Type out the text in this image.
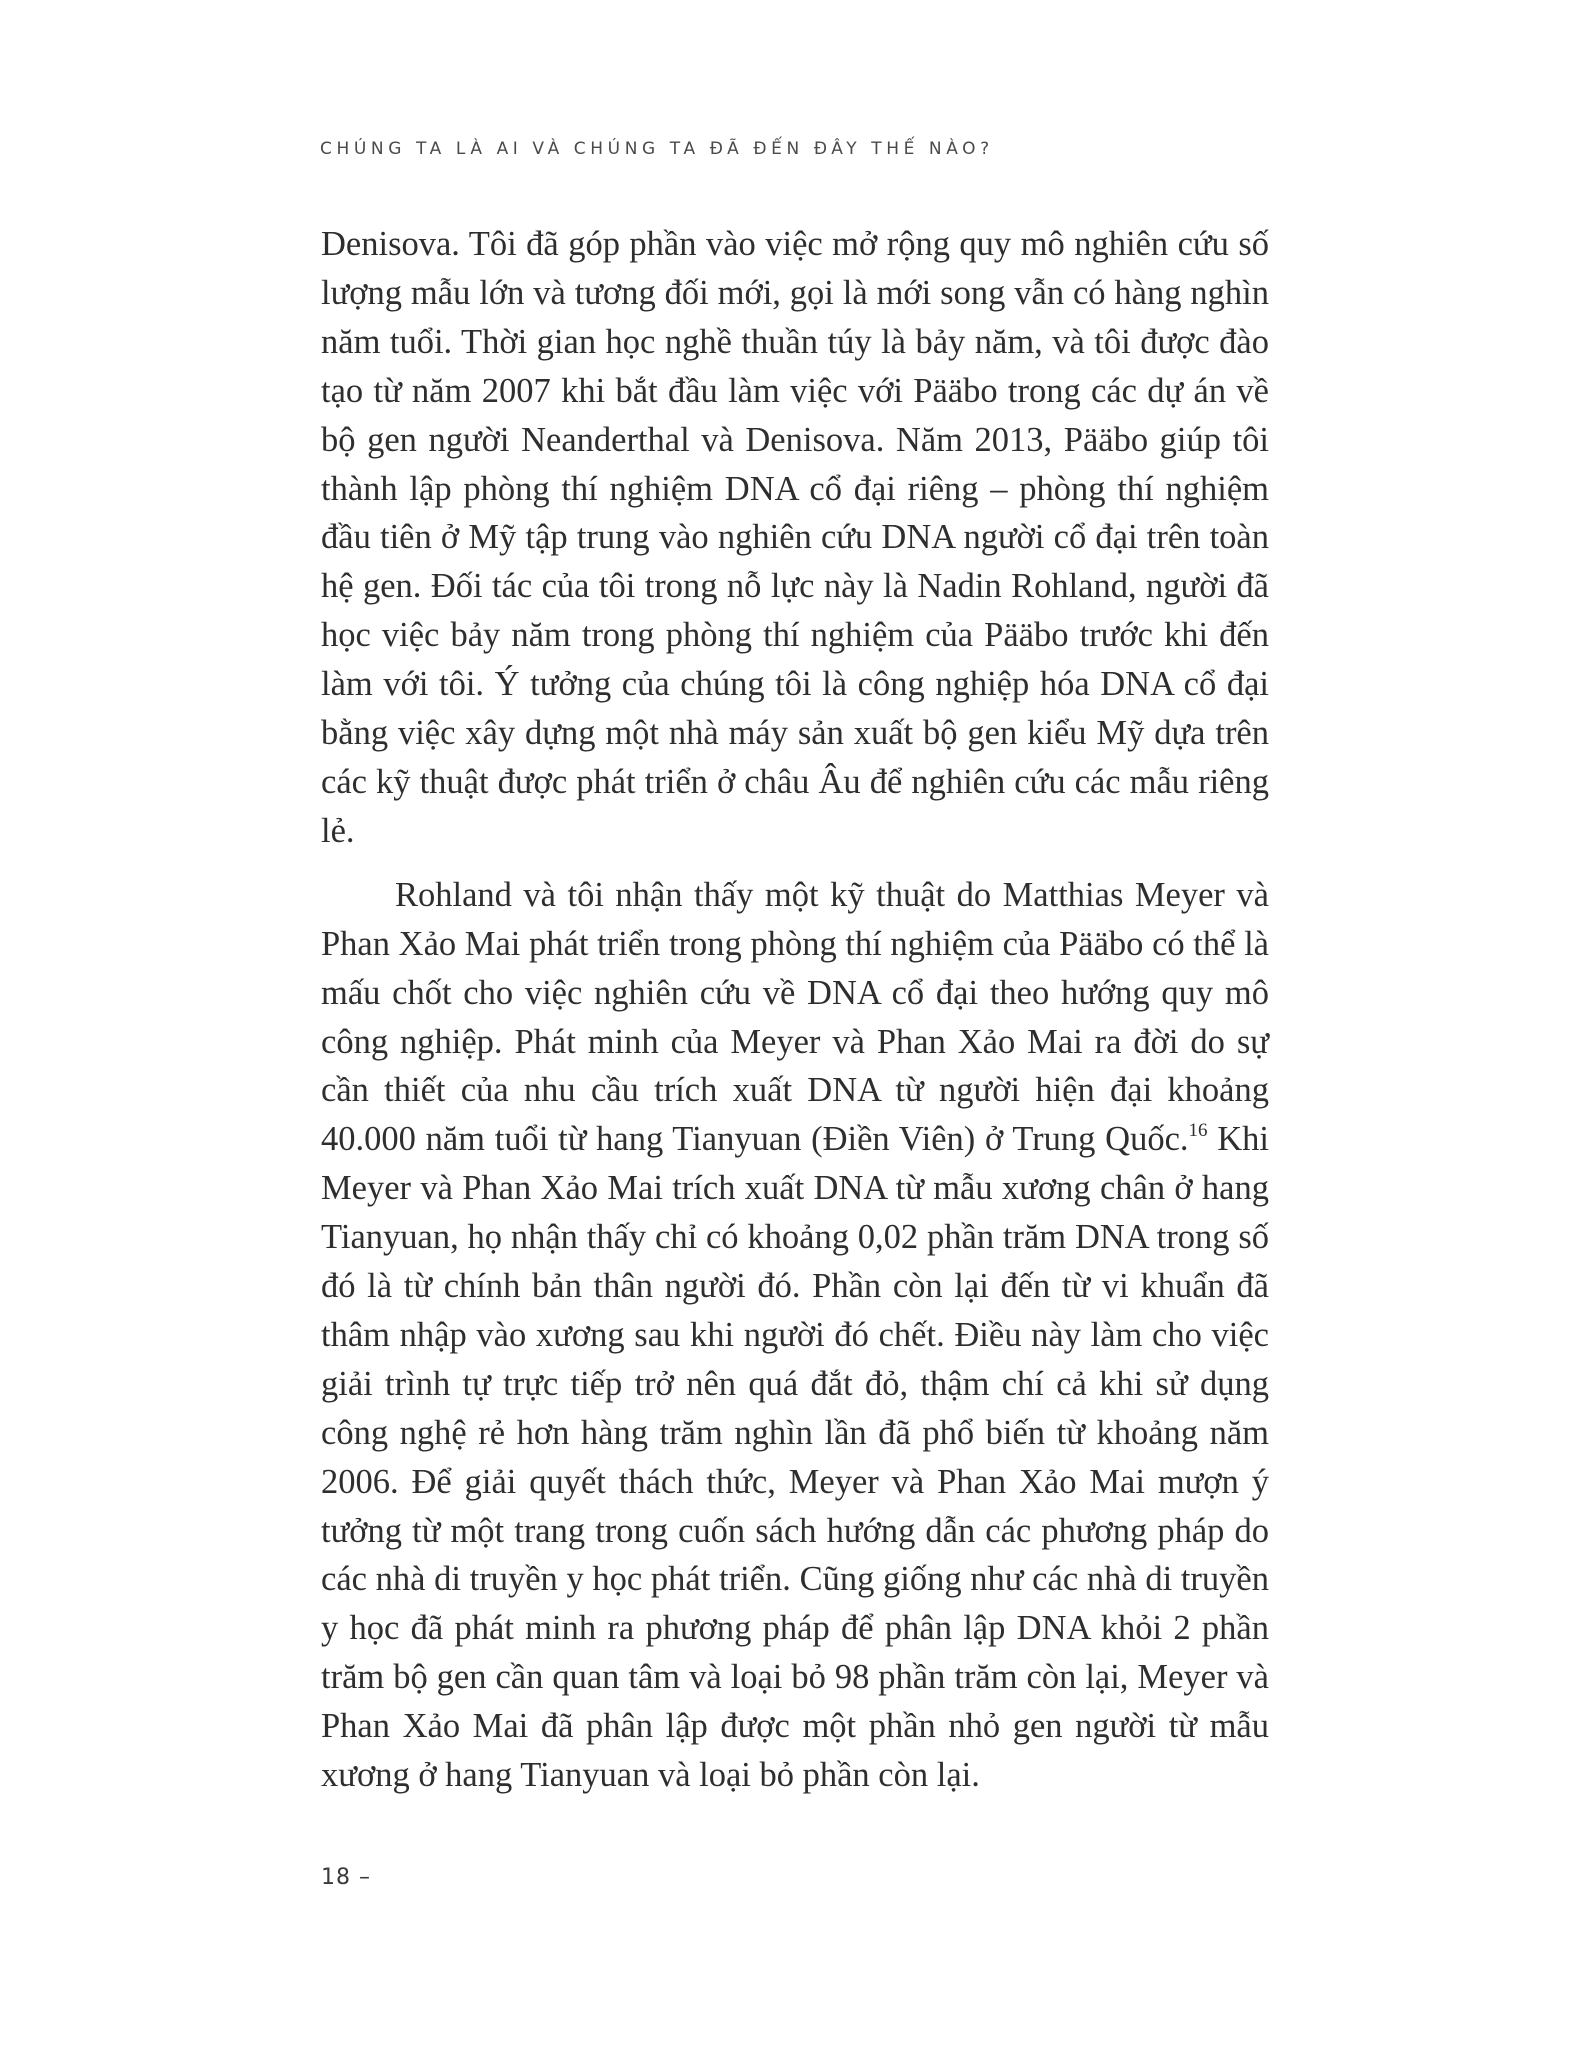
CHÚNG TA LÀ AI VÀ CHÚNG TA ĐÃ ĐẾN ĐÂY THẾ NÀO?

Denisova. Tôi đã góp phần vào việc mở rộng quy mô nghiên cứu số lượng mẫu lớn và tương đối mới, gọi là mới song vẫn có hàng nghìn năm tuổi. Thời gian học nghề thuần túy là bảy năm, và tôi được đào tạo từ năm 2007 khi bắt đầu làm việc với Pääbo trong các dự án về bộ gen người Neanderthal và Denisova. Năm 2013, Pääbo giúp tôi thành lập phòng thí nghiệm DNA cổ đại riêng – phòng thí nghiệm đầu tiên ở Mỹ tập trung vào nghiên cứu DNA người cổ đại trên toàn hệ gen. Đối tác của tôi trong nỗ lực này là Nadin Rohland, người đã học việc bảy năm trong phòng thí nghiệm của Pääbo trước khi đến làm với tôi. Ý tưởng của chúng tôi là công nghiệp hóa DNA cổ đại bằng việc xây dựng một nhà máy sản xuất bộ gen kiểu Mỹ dựa trên các kỹ thuật được phát triển ở châu Âu để nghiên cứu các mẫu riêng lẻ.

Rohland và tôi nhận thấy một kỹ thuật do Matthias Meyer và Phan Xảo Mai phát triển trong phòng thí nghiệm của Pääbo có thể là mấu chốt cho việc nghiên cứu về DNA cổ đại theo hướng quy mô công nghiệp. Phát minh của Meyer và Phan Xảo Mai ra đời do sự cần thiết của nhu cầu trích xuất DNA từ người hiện đại khoảng 40.000 năm tuổi từ hang Tianyuan (Điền Viên) ở Trung Quốc.$^{16}$ Khi Meyer và Phan Xảo Mai trích xuất DNA từ mẫu xương chân ở hang Tianyuan, họ nhận thấy chỉ có khoảng 0,02 phần trăm DNA trong số đó là từ chính bản thân người đó. Phần còn lại đến từ vi khuẩn đã thâm nhập vào xương sau khi người đó chết. Điều này làm cho việc giải trình tự trực tiếp trở nên quá đắt đỏ, thậm chí cả khi sử dụng công nghệ rẻ hơn hàng trăm nghìn lần đã phổ biến từ khoảng năm 2006. Để giải quyết thách thức, Meyer và Phan Xảo Mai mượn ý tưởng từ một trang trong cuốn sách hướng dẫn các phương pháp do các nhà di truyền y học phát triển. Cũng giống như các nhà di truyền y học đã phát minh ra phương pháp để phân lập DNA khỏi 2 phần trăm bộ gen cần quan tâm và loại bỏ 98 phần trăm còn lại, Meyer và Phan Xảo Mai đã phân lập được một phần nhỏ gen người từ mẫu xương ở hang Tianyuan và loại bỏ phần còn lại.

18 –
